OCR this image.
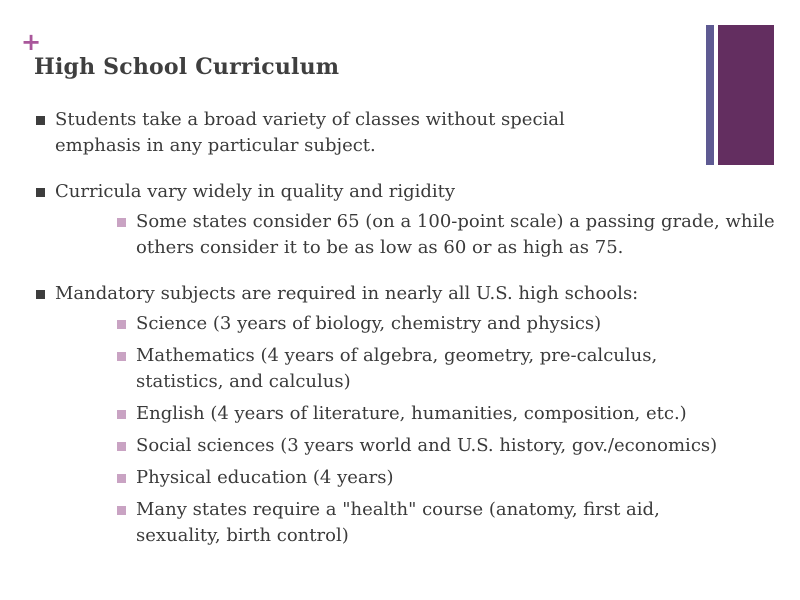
+
High School Curriculum
Students take a broad variety of classes without special emphasis in any particular subject.
Curricula vary widely in quality and rigidity
Some states consider 65 (on a 100-point scale) a passing grade, while others consider it to be as low as 60 or as high as 75.
Mandatory subjects are required in nearly all U.S. high schools:
Science (3 years of biology, chemistry and physics)
Mathematics (4 years of algebra, geometry, pre-calculus, statistics, and calculus)
English (4 years of literature, humanities, composition, etc.)
Social sciences (3 years world and U.S. history, gov./economics)
Physical education (4 years)
Many states require a "health" course (anatomy, first aid, sexuality, birth control)
